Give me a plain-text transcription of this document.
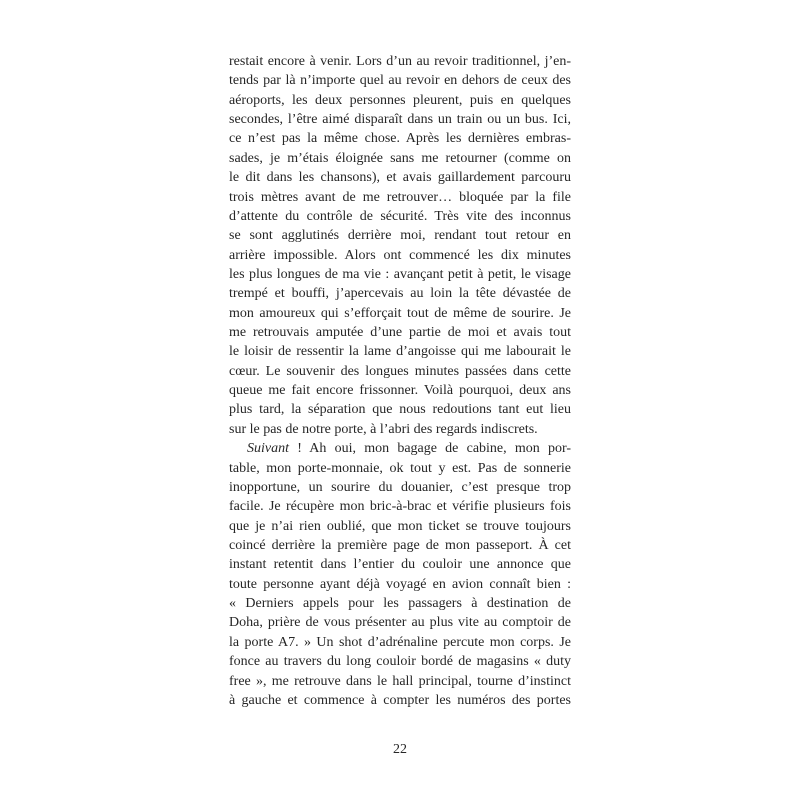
restait encore à venir. Lors d’un au revoir traditionnel, j’en-
tends par là n’importe quel au revoir en dehors de ceux des
aéroports, les deux personnes pleurent, puis en quelques
secondes, l’être aimé disparaît dans un train ou un bus. Ici,
ce n’est pas la même chose. Après les dernières embras-
sades, je m’étais éloignée sans me retourner (comme on
le dit dans les chansons), et avais gaillardement parcouru
trois mètres avant de me retrouver… bloquée par la file
d’attente du contrôle de sécurité. Très vite des inconnus
se sont agglutinés derrière moi, rendant tout retour en
arrière impossible. Alors ont commencé les dix minutes
les plus longues de ma vie : avançant petit à petit, le visage
trempé et bouffi, j’apercevais au loin la tête dévastée de
mon amoureux qui s’efforçait tout de même de sourire. Je
me retrouvais amputée d’une partie de moi et avais tout
le loisir de ressentir la lame d’angoisse qui me labourait le
cœur. Le souvenir des longues minutes passées dans cette
queue me fait encore frissonner. Voilà pourquoi, deux ans
plus tard, la séparation que nous redoutions tant eut lieu
sur le pas de notre porte, à l’abri des regards indiscrets.
Suivant ! Ah oui, mon bagage de cabine, mon por-
table, mon porte-monnaie, ok tout y est. Pas de sonnerie
inopportune, un sourire du douanier, c’est presque trop
facile. Je récupère mon bric-à-brac et vérifie plusieurs fois
que je n’ai rien oublié, que mon ticket se trouve toujours
coincé derrière la première page de mon passeport. À cet
instant retentit dans l’entier du couloir une annonce que
toute personne ayant déjà voyagé en avion connaît bien :
« Derniers appels pour les passagers à destination de
Doha, prière de vous présenter au plus vite au comptoir de
la porte A7. » Un shot d’adrénaline percute mon corps. Je
fonce au travers du long couloir bordé de magasins « duty
free », me retrouve dans le hall principal, tourne d’instinct
à gauche et commence à compter les numéros des portes
22
